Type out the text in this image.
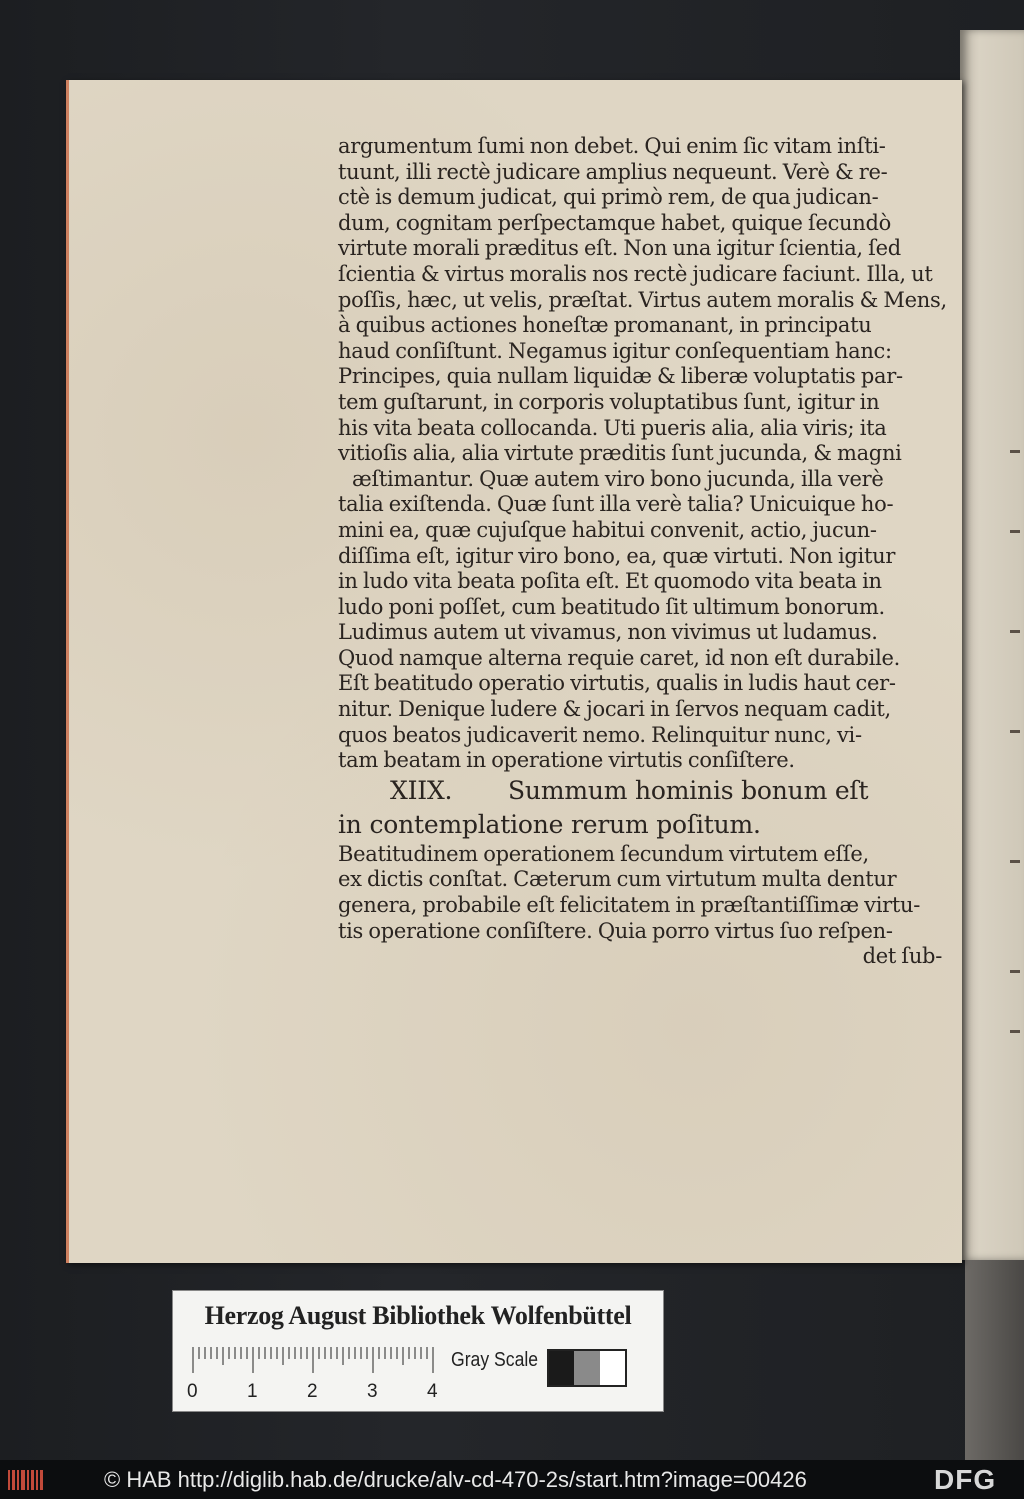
argumentum ſumi non debet. Qui enim ſic vitam inſti-
tuunt, illi rectè judicare amplius nequeunt. Verè & re-
ctè is demum judicat, qui primò rem, de qua judican-
dum, cognitam perſpectamque habet, quique ſecundò
virtute morali præditus eſt. Non una igitur ſcientia, ſed
ſcientia & virtus moralis nos rectè judicare faciunt. Illa, ut
poſſis, hæc, ut velis, præſtat. Virtus autem moralis & Mens,
à quibus actiones honeſtæ promanant, in principatu
haud conſiſtunt. Negamus igitur conſequentiam hanc:
Principes, quia nullam liquidæ & liberæ voluptatis par-
tem guſtarunt, in corporis voluptatibus ſunt, igitur in
his vita beata collocanda. Uti pueris alia, alia viris; ita
vitioſis alia, alia virtute præditis ſunt jucunda, & magni
æſtimantur. Quæ autem viro bono jucunda, illa verè
talia exiſtenda. Quæ ſunt illa verè talia? Unicuique ho-
mini ea, quæ cujuſque habitui convenit, actio, jucun-
diſſima eſt, igitur viro bono, ea, quæ virtuti. Non igitur
in ludo vita beata poſita eſt. Et quomodo vita beata in
ludo poni poſſet, cum beatitudo ſit ultimum bonorum.
Ludimus autem ut vivamus, non vivimus ut ludamus.
Quod namque alterna requie caret, id non eſt durabile.
Eſt beatitudo operatio virtutis, qualis in ludis haut cer-
nitur. Denique ludere & jocari in ſervos nequam cadit,
quos beatos judicaverit nemo. Relinquitur nunc, vi-
tam beatam in operatione virtutis conſiſtere.
XIIX. Summum hominis bonum eſt
in contemplatione rerum poſitum.
Beatitudinem operationem ſecundum virtutem eſſe,
ex dictis conſtat. Cæterum cum virtutum multa dentur
genera, probabile eſt felicitatem in præſtantiſſimæ virtu-
tis operatione conſiſtere. Quia porro virtus ſuo reſpen-
det ſub-
Herzog August Bibliothek Wolfenbüttel
0	1	2	3	4
Gray Scale
© HAB http://diglib.hab.de/drucke/alv-cd-470-2s/start.htm?image=00426	DFG
